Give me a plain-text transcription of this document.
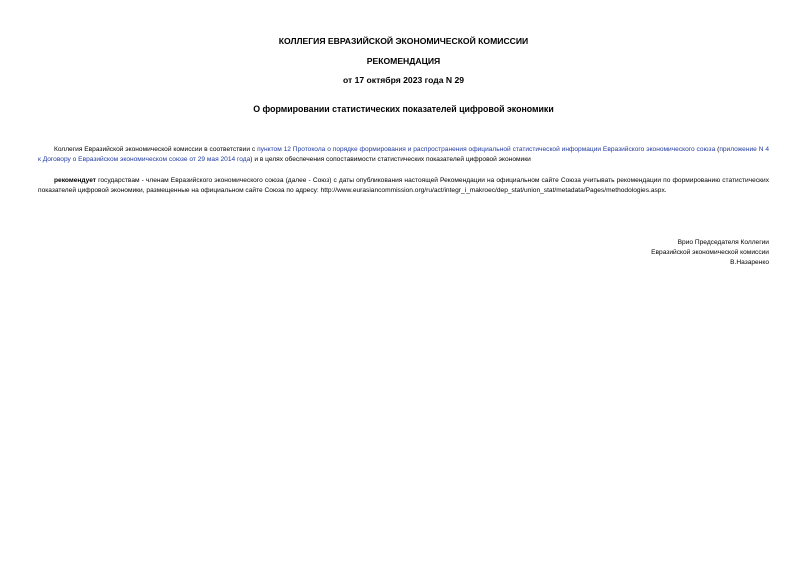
КОЛЛЕГИЯ ЕВРАЗИЙСКОЙ ЭКОНОМИЧЕСКОЙ КОМИССИИ
РЕКОМЕНДАЦИЯ
от 17 октября 2023 года N 29
О формировании статистических показателей цифровой экономики
Коллегия Евразийской экономической комиссии в соответствии с пунктом 12 Протокола о порядке формирования и распространения официальной статистической информации Евразийского экономического союза (приложение N 4 к Договору о Евразийском экономическом союзе от 29 мая 2014 года) и в целях обеспечения сопоставимости статистических показателей цифровой экономики
рекомендует государствам - членам Евразийского экономического союза (далее - Союз) с даты опубликования настоящей Рекомендации на официальном сайте Союза учитывать рекомендации по формированию статистических показателей цифровой экономики, размещенные на официальном сайте Союза по адресу: http://www.eurasiancommission.org/ru/act/integr_i_makroec/dep_stat/union_stat/metadata/Pages/methodologies.aspx.
Врио Председателя Коллегии
Евразийской экономической комиссии
В.Назаренко
